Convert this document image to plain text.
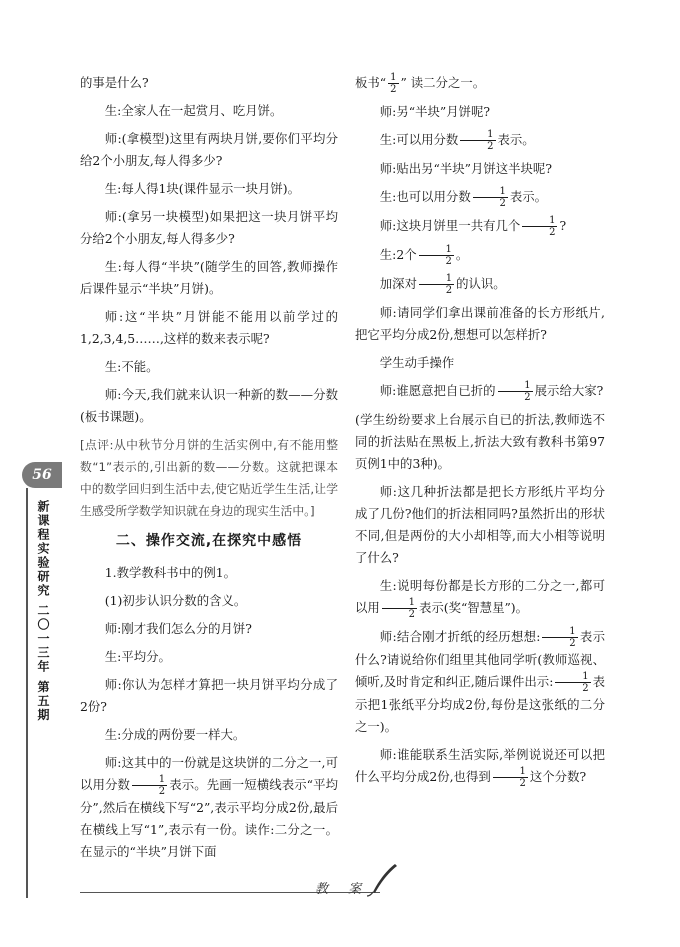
56
新课程实验研究 二〇一三年 第五期

的事是什么?

生:全家人在一起赏月、吃月饼。

师:(拿模型)这里有两块月饼,要你们平均分给2个小朋友,每人得多少?

生:每人得1块(课件显示一块月饼)。

师:(拿另一块模型)如果把这一块月饼平均分给2个小朋友,每人得多少?

生:每人得“半块”(随学生的回答,教师操作后课件显示“半块”月饼)。

师:这“半块”月饼能不能用以前学过的1,2,3,4,5……,这样的数来表示呢?

生:不能。

师:今天,我们就来认识一种新的数——分数(板书课题)。

[点评:从中秋节分月饼的生活实例中,有不能用整数“1”表示的,引出新的数——分数。这就把课本中的数学回归到生活中去,使它贴近学生生活,让学生感受所学数学知识就在身边的现实生活中。]

二、操作交流,在探究中感悟

1.教学教科书中的例1。

(1)初步认识分数的含义。

师:刚才我们怎么分的月饼?

生:平均分。

师:你认为怎样才算把一块月饼平均分成了2份?

生:分成的两份要一样大。

师:这其中的一份就是这块饼的二分之一,可以用分数 $\frac{1}{2}$ 表示。先画一短横线表示“平均分”,然后在横线下写“2”,表示平均分成2份,最后在横线上写“1”,表示有一份。读作:二分之一。在显示的“半块”月饼下面

板书“ $\frac{1}{2}$ ” 读二分之一。

师:另“半块”月饼呢?

生:可以用分数 $\frac{1}{2}$ 表示。

师:贴出另“半块”月饼这半块呢?

生:也可以用分数 $\frac{1}{2}$ 表示。

师:这块月饼里一共有几个 $\frac{1}{2}$ ?

生:2个 $\frac{1}{2}$ 。

加深对 $\frac{1}{2}$ 的认识。

师:请同学们拿出课前准备的长方形纸片,把它平均分成2份,想想可以怎样折?

学生动手操作

师:谁愿意把自已折的 $\frac{1}{2}$ 展示给大家?

(学生纷纷要求上台展示自已的折法,教师选不同的折法贴在黑板上,折法大致有教科书第97页例1中的3种)。

师:这几种折法都是把长方形纸片平均分成了几份?他们的折法相同吗?虽然折出的形状不同,但是两份的大小却相等,而大小相等说明了什么?

生:说明每份都是长方形的二分之一,都可以用 $\frac{1}{2}$ 表示(奖“智慧星”)。

师:结合刚才折纸的经历想想: $\frac{1}{2}$ 表示什么?请说给你们组里其他同学听(教师巡视、倾听,及时肯定和纠正,随后课件出示: $\frac{1}{2}$ 表示把1张纸平分均成2份,每份是这张纸的二分之一)。

师:谁能联系生活实际,举例说说还可以把什么平均分成2份,也得到 $\frac{1}{2}$ 这个分数?

教 案
